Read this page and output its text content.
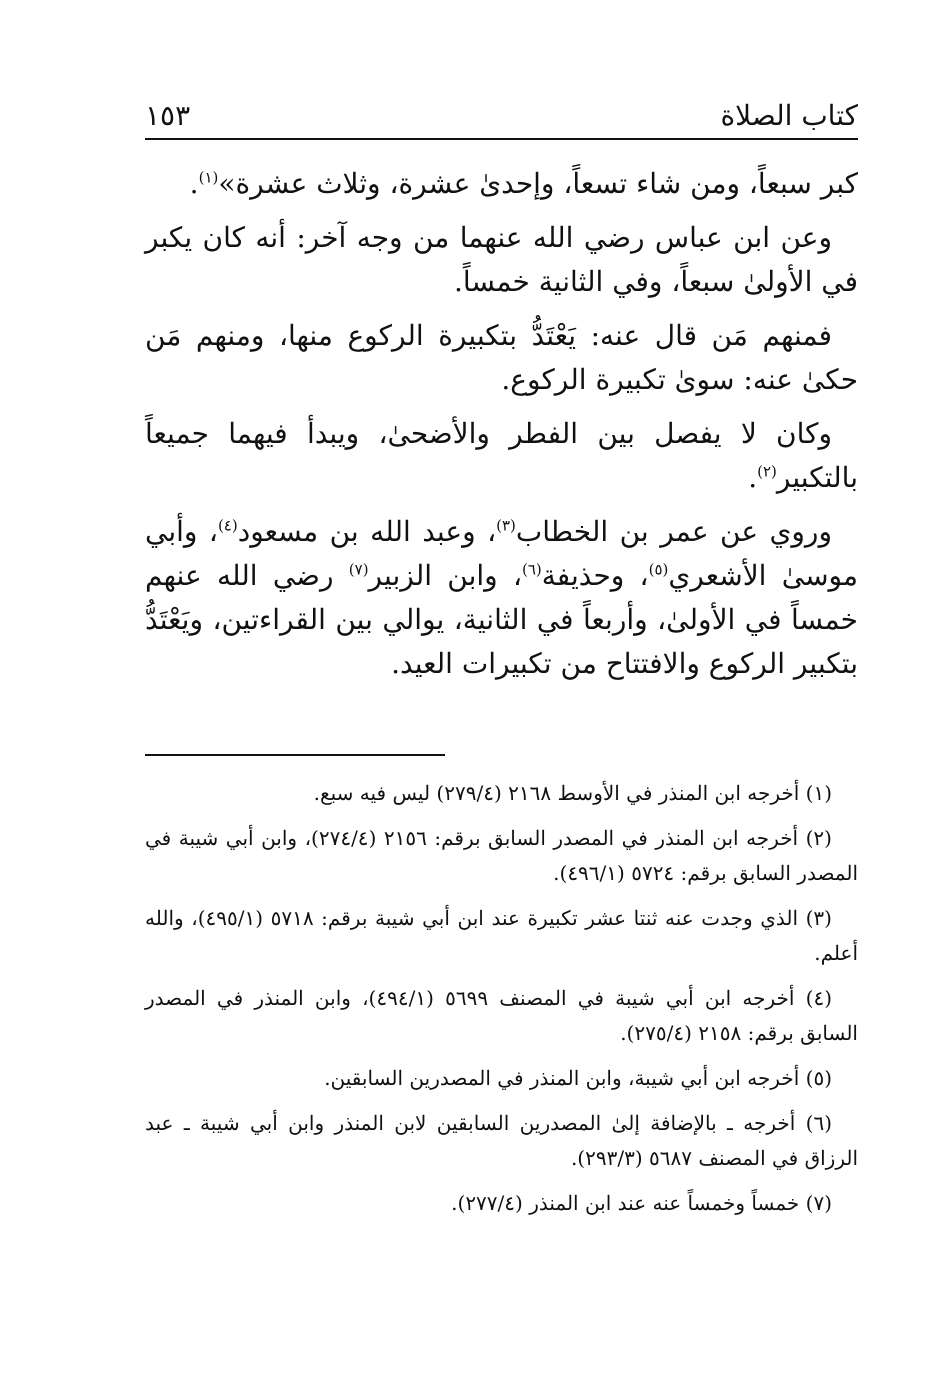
كتاب الصلاة
١٥٣

كبر سبعاً، ومن شاء تسعاً، وإحدىٰ عشرة، وثلاث عشرة»$^{(١)}$.

وعن ابن عباس رضي الله عنهما من وجه آخر: أنه كان يكبر في الأولىٰ سبعاً، وفي الثانية خمساً.

فمنهم مَن قال عنه: يَعْتَدُّ بتكبيرة الركوع منها، ومنهم مَن حكىٰ عنه: سوىٰ تكبيرة الركوع.

وكان لا يفصل بين الفطر والأضحىٰ، ويبدأ فيهما جميعاً بالتكبير$^{(٢)}$.

وروي عن عمر بن الخطاب$^{(٣)}$، وعبد الله بن مسعود$^{(٤)}$، وأبي موسىٰ الأشعري$^{(٥)}$، وحذيفة$^{(٦)}$، وابن الزبير$^{(٧)}$ رضي الله عنهم خمساً في الأولىٰ، وأربعاً في الثانية، يوالي بين القراءتين، ويَعْتَدُّ بتكبير الركوع والافتتاح من تكبيرات العيد.

(١) أخرجه ابن المنذر في الأوسط ٢١٦٨ (٢٧٩/٤) ليس فيه سبع.

(٢) أخرجه ابن المنذر في المصدر السابق برقم: ٢١٥٦ (٢٧٤/٤)، وابن أبي شيبة في المصدر السابق برقم: ٥٧٢٤ (٤٩٦/١).

(٣) الذي وجدت عنه ثنتا عشر تكبيرة عند ابن أبي شيبة برقم: ٥٧١٨ (٤٩٥/١)، والله أعلم.

(٤) أخرجه ابن أبي شيبة في المصنف ٥٦٩٩ (٤٩٤/١)، وابن المنذر في المصدر السابق برقم: ٢١٥٨ (٢٧٥/٤).

(٥) أخرجه ابن أبي شيبة، وابن المنذر في المصدرين السابقين.

(٦) أخرجه ـ بالإضافة إلىٰ المصدرين السابقين لابن المنذر وابن أبي شيبة ـ عبد الرزاق في المصنف ٥٦٨٧ (٢٩٣/٣).

(٧) خمساً وخمساً عنه عند ابن المنذر (٢٧٧/٤).
